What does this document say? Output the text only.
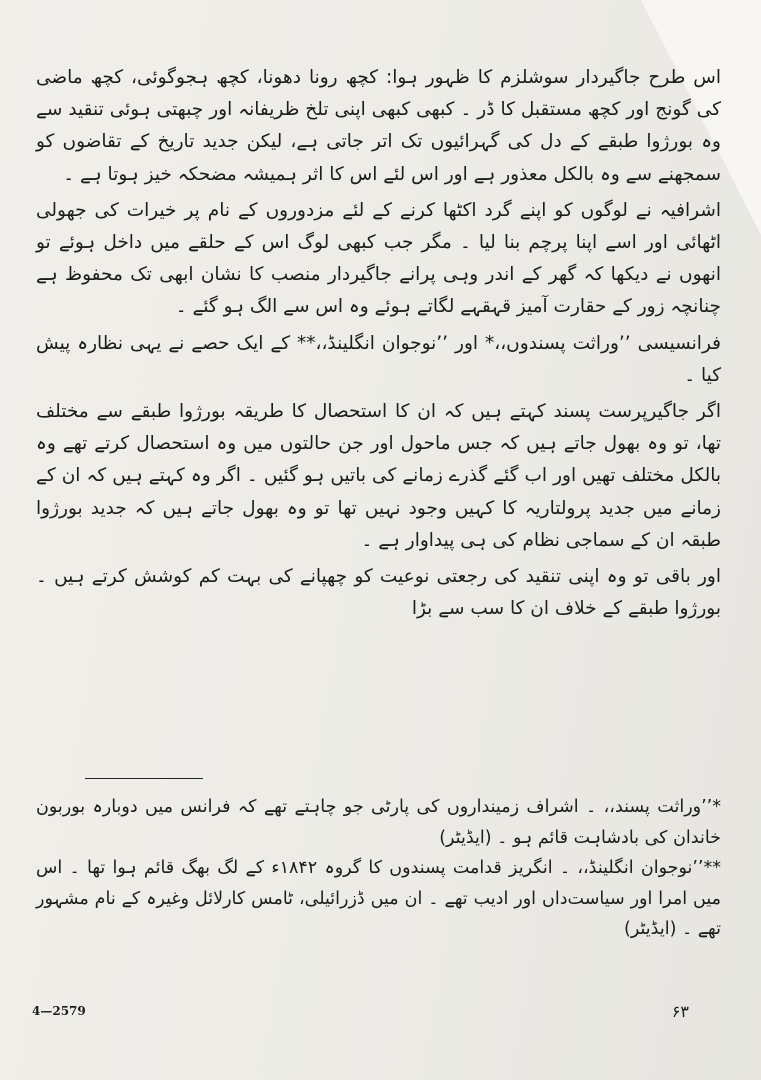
اس طرح جاگیردار سوشلزم کا ظہور ہوا: کچھ رونا دھونا، کچھ ہجوگوئی، کچھ ماضی کی گونج اور کچھ مستقبل کا ڈر ۔ کبھی کبھی اپنی تلخ ظریفانہ اور چبھتی ہوئی تنقید سے وہ بورژوا طبقے کے دل کی گہرائیوں تک اتر جاتی ہے، لیکن جدید تاریخ کے تقاضوں کو سمجھنے سے وہ بالکل معذور ہے اور اس لئے اس کا اثر ہمیشہ مضحکہ خیز ہوتا ہے ۔

اشرافیہ نے لوگوں کو اپنے گرد اکٹھا کرنے کے لئے مزدوروں کے نام پر خیرات کی جھولی اٹھائی اور اسے اپنا پرچم بنا لیا ۔ مگر جب کبھی لوگ اس کے حلقے میں داخل ہوئے تو انھوں نے دیکھا کہ گھر کے اندر وہی پرانے جاگیردار منصب کا نشان ابھی تک محفوظ ہے چنانچہ زور کے حقارت آمیز قہقہے لگاتے ہوئے وہ اس سے الگ ہو گئے ۔

فرانسیسی ’’وراثت پسندوں،،* اور ’’نوجوان انگلینڈ،،** کے ایک حصے نے یہی نظارہ پیش کیا ۔

اگر جاگیرپرست پسند کہتے ہیں کہ ان کا استحصال کا طریقہ بورژوا طبقے سے مختلف تھا، تو وہ بھول جاتے ہیں کہ جس ماحول اور جن حالتوں میں وہ استحصال کرتے تھے وہ بالکل مختلف تھیں اور اب گئے گذرے زمانے کی باتیں ہو گئیں ۔ اگر وہ کہتے ہیں کہ ان کے زمانے میں جدید پرولتاریہ کا کہیں وجود نہیں تھا تو وہ بھول جاتے ہیں کہ جدید بورژوا طبقہ ان کے سماجی نظام کی ہی پیداوار ہے ۔

اور باقی تو وہ اپنی تنقید کی رجعتی نوعیت کو چھپانے کی بہت کم کوشش کرتے ہیں ۔ بورژوا طبقے کے خلاف ان کا سب سے بڑا

*’’وراثت پسند،، ۔ اشراف زمینداروں کی پارٹی جو چاہتے تھے کہ فرانس میں دوبارہ بوربون خاندان کی بادشاہت قائم ہو ۔ (ایڈیٹر)

**’’نوجوان انگلینڈ،، ۔ انگریز قدامت پسندوں کا گروہ ۱۸۴۲ء کے لگ بھگ قائم ہوا تھا ۔ اس میں امرا اور سیاست‌داں اور ادیب تھے ۔ ان میں ڈزرائیلی، ٹامس کارلائل وغیرہ کے نام مشہور تھے ۔ (ایڈیٹر)

4—2579	۶۳
